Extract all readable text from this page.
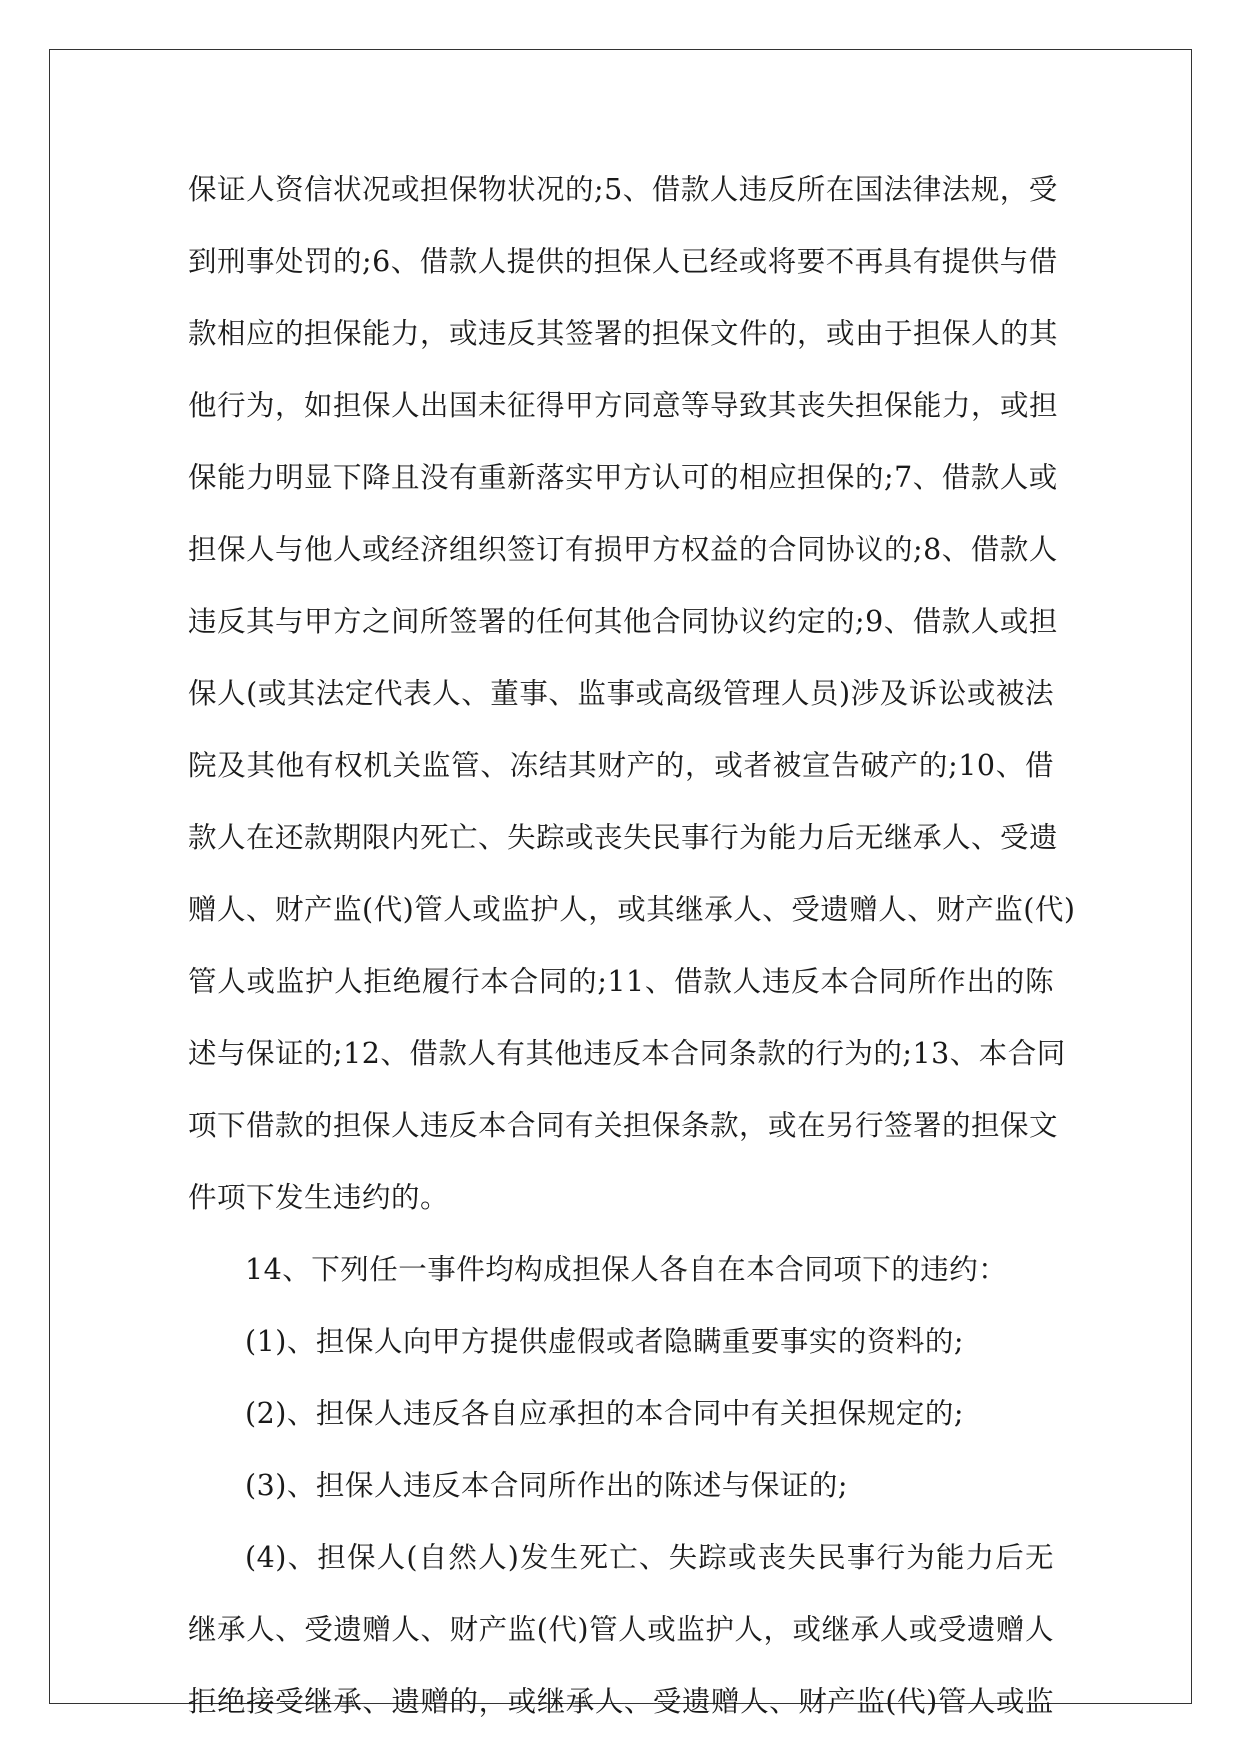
保证人资信状况或担保物状况的;5、借款人违反所在国法律法规，受
到刑事处罚的;6、借款人提供的担保人已经或将要不再具有提供与借
款相应的担保能力，或违反其签署的担保文件的，或由于担保人的其
他行为，如担保人出国未征得甲方同意等导致其丧失担保能力，或担
保能力明显下降且没有重新落实甲方认可的相应担保的;7、借款人或
担保人与他人或经济组织签订有损甲方权益的合同协议的;8、借款人
违反其与甲方之间所签署的任何其他合同协议约定的;9、借款人或担
保人(或其法定代表人、董事、监事或高级管理人员)涉及诉讼或被法
院及其他有权机关监管、冻结其财产的，或者被宣告破产的;10、借
款人在还款期限内死亡、失踪或丧失民事行为能力后无继承人、受遗
赠人、财产监(代)管人或监护人，或其继承人、受遗赠人、财产监(代)
管人或监护人拒绝履行本合同的;11、借款人违反本合同所作出的陈
述与保证的;12、借款人有其他违反本合同条款的行为的;13、本合同
项下借款的担保人违反本合同有关担保条款，或在另行签署的担保文
件项下发生违约的。
14、下列任一事件均构成担保人各自在本合同项下的违约：
(1)、担保人向甲方提供虚假或者隐瞒重要事实的资料的;
(2)、担保人违反各自应承担的本合同中有关担保规定的;
(3)、担保人违反本合同所作出的陈述与保证的;
(4)、担保人(自然人)发生死亡、失踪或丧失民事行为能力后无
继承人、受遗赠人、财产监(代)管人或监护人，或继承人或受遗赠人
拒绝接受继承、遗赠的，或继承人、受遗赠人、财产监(代)管人或监
